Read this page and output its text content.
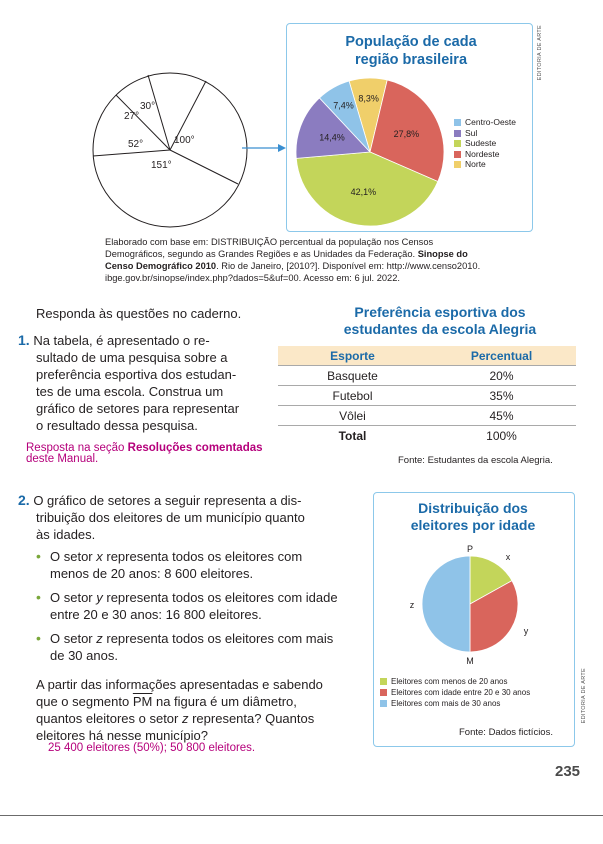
30°
27°
52°	100°
151°
População de cada
região brasileira
8,3%
27,8%
42,1%
14,4%
7,4%
Centro-Oeste
Sul
Sudeste
Nordeste
Norte
EDITORIA DE ARTE
Elaborado com base em: DISTRIBUIÇÃO percentual da população nos Censos
Demográficos, segundo as Grandes Regiões e as Unidades da Federação. Sinopse do
Censo Demográfico 2010. Rio de Janeiro, [2010?]. Disponível em: http://www.censo2010.
ibge.gov.br/sinopse/index.php?dados=5&uf=00. Acesso em: 6 jul. 2022.
Responda às questões no caderno.
1. Na tabela, é apresentado o re-
sultado de uma pesquisa sobre a
preferência esportiva dos estudan-
tes de uma escola. Construa um
gráfico de setores para representar
o resultado dessa pesquisa.
Resposta na seção Resoluções comentadas
deste Manual.
Preferência esportiva dos
estudantes da escola Alegria
Esporte	Percentual
Basquete	20%
Futebol	35%
Vôlei	45%
Total	100%
Fonte: Estudantes da escola Alegria.
2. O gráfico de setores a seguir representa a dis-
tribuição dos eleitores de um município quanto
às idades.
• O setor x representa todos os eleitores com
menos de 20 anos: 8 600 eleitores.
• O setor y representa todos os eleitores com idade
entre 20 e 30 anos: 16 800 eleitores.
• O setor z representa todos os eleitores com mais
de 30 anos.
A partir das informações apresentadas e sabendo
que o segmento $\overline{PM}$ na figura é um diâmetro,
quantos eleitores o setor z representa? Quantos
eleitores há nesse município?
25 400 eleitores (50%); 50 800 eleitores.
Distribuição dos
eleitores por idade
P
M
x
y
z
Eleitores com menos de 20 anos
Eleitores com idade entre 20 e 30 anos
Eleitores com mais de 30 anos
Fonte: Dados fictícios.
EDITORIA DE ARTE
235
